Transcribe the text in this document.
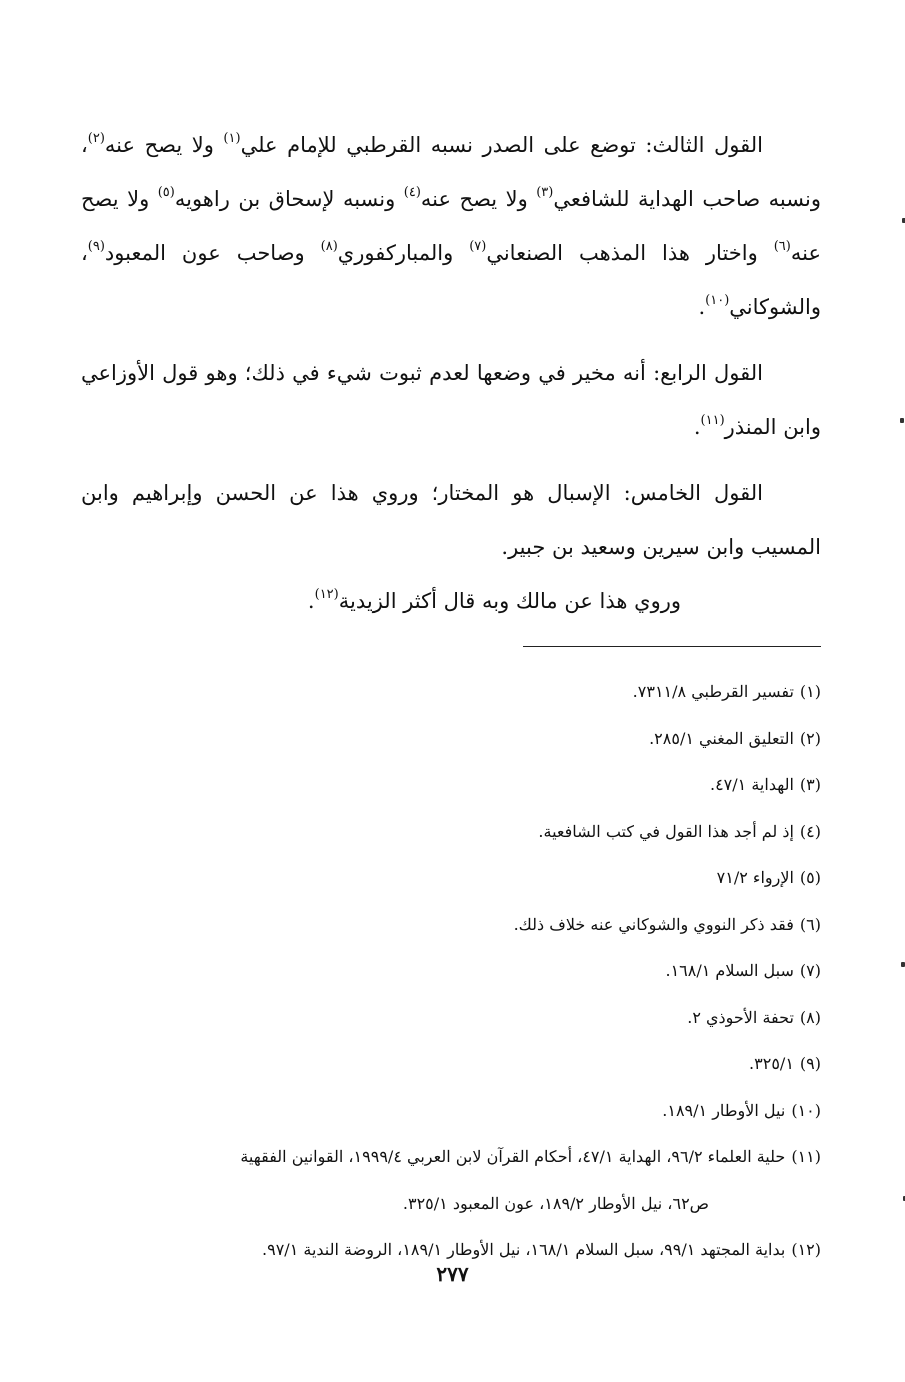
القول الثالث: توضع على الصدر نسبه القرطبي للإمام علي$^{(١)}$ ولا يصح عنه$^{(٢)}$، ونسبه صاحب الهداية للشافعي$^{(٣)}$ ولا يصح عنه$^{(٤)}$ ونسبه لإسحاق بن راهويه$^{(٥)}$ ولا يصح عنه$^{(٦)}$ واختار هذا المذهب الصنعاني$^{(٧)}$ والمباركفوري$^{(٨)}$ وصاحب عون المعبود$^{(٩)}$، والشوكاني$^{(١٠)}$.

القول الرابع: أنه مخير في وضعها لعدم ثبوت شيء في ذلك؛ وهو قول الأوزاعي وابن المنذر$^{(١١)}$.

القول الخامس: الإسبال هو المختار؛ وروي هذا عن الحسن وإبراهيم وابن المسيب وابن سيرين وسعيد بن جبير.

وروي هذا عن مالك وبه قال أكثر الزيدية$^{(١٢)}$.

(١)تفسير القرطبي ٧٣١١/٨.

(٢)التعليق المغني ٢٨٥/١.

(٣)الهداية ٤٧/١.

(٤)إذ لم أجد هذا القول في كتب الشافعية.

(٥)الإرواء ٧١/٢

(٦)فقد ذكر النووي والشوكاني عنه خلاف ذلك.

(٧)سبل السلام ١٦٨/١.

(٨)تحفة الأحوذي ٢.

(٩)٣٢٥/١.

(١٠)نيل الأوطار ١٨٩/١.

(١١)حلية العلماء ٩٦/٢، الهداية ٤٧/١، أحكام القرآن لابن العربي ١٩٩٩/٤، القوانين الفقهية

ص٦٢، نيل الأوطار ١٨٩/٢، عون المعبود ٣٢٥/١.

(١٢)بداية المجتهد ٩٩/١، سبل السلام ١٦٨/١، نيل الأوطار ١٨٩/١، الروضة الندية ٩٧/١.

٢٧٧
